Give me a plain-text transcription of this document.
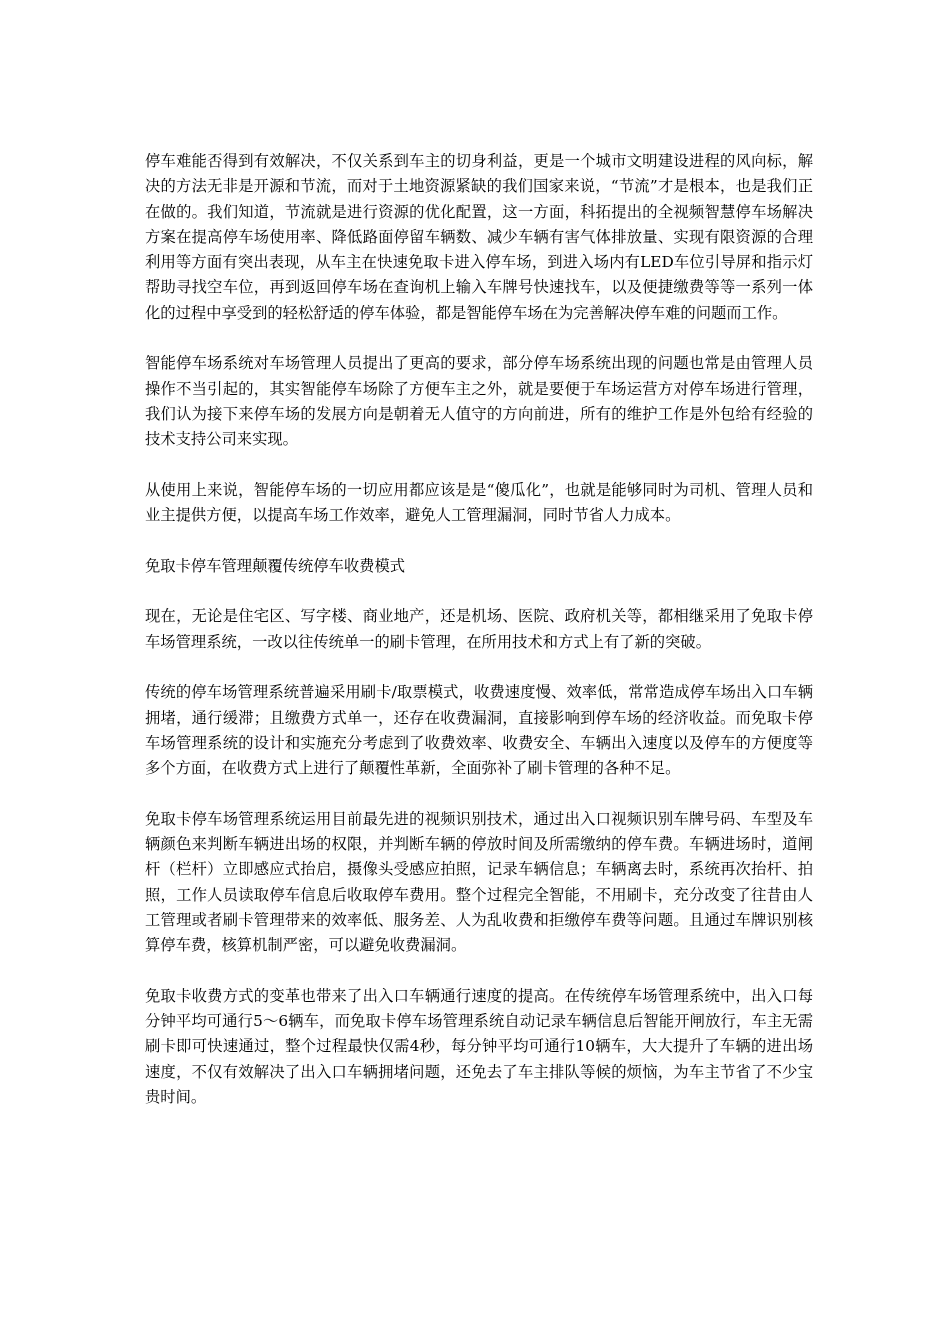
停车难能否得到有效解决，不仅关系到车主的切身利益，更是一个城市文明建设进程的风向标，解决的方法无非是开源和节流，而对于土地资源紧缺的我们国家来说，“节流”才是根本，也是我们正在做的。我们知道，节流就是进行资源的优化配置，这一方面，科拓提出的全视频智慧停车场解决方案在提高停车场使用率、降低路面停留车辆数、减少车辆有害气体排放量、实现有限资源的合理利用等方面有突出表现，从车主在快速免取卡进入停车场，到进入场内有LED车位引导屏和指示灯帮助寻找空车位，再到返回停车场在查询机上输入车牌号快速找车，以及便捷缴费等等一系列一体化的过程中享受到的轻松舒适的停车体验，都是智能停车场在为完善解决停车难的问题而工作。

智能停车场系统对车场管理人员提出了更高的要求，部分停车场系统出现的问题也常是由管理人员操作不当引起的，其实智能停车场除了方便车主之外，就是要便于车场运营方对停车场进行管理，我们认为接下来停车场的发展方向是朝着无人值守的方向前进，所有的维护工作是外包给有经验的技术支持公司来实现。

从使用上来说，智能停车场的一切应用都应该是是“傻瓜化”，也就是能够同时为司机、管理人员和业主提供方便，以提高车场工作效率，避免人工管理漏洞，同时节省人力成本。

免取卡停车管理颠覆传统停车收费模式

现在，无论是住宅区、写字楼、商业地产，还是机场、医院、政府机关等，都相继采用了免取卡停车场管理系统，一改以往传统单一的刷卡管理，在所用技术和方式上有了新的突破。

传统的停车场管理系统普遍采用刷卡/取票模式，收费速度慢、效率低，常常造成停车场出入口车辆拥堵，通行缓滞；且缴费方式单一，还存在收费漏洞，直接影响到停车场的经济收益。而免取卡停车场管理系统的设计和实施充分考虑到了收费效率、收费安全、车辆出入速度以及停车的方便度等多个方面，在收费方式上进行了颠覆性革新，全面弥补了刷卡管理的各种不足。

免取卡停车场管理系统运用目前最先进的视频识别技术，通过出入口视频识别车牌号码、车型及车辆颜色来判断车辆进出场的权限，并判断车辆的停放时间及所需缴纳的停车费。车辆进场时，道闸杆（栏杆）立即感应式抬启，摄像头受感应拍照，记录车辆信息；车辆离去时，系统再次抬杆、拍照，工作人员读取停车信息后收取停车费用。整个过程完全智能，不用刷卡，充分改变了往昔由人工管理或者刷卡管理带来的效率低、服务差、人为乱收费和拒缴停车费等问题。且通过车牌识别核算停车费，核算机制严密，可以避免收费漏洞。

免取卡收费方式的变革也带来了出入口车辆通行速度的提高。在传统停车场管理系统中，出入口每分钟平均可通行5～6辆车，而免取卡停车场管理系统自动记录车辆信息后智能开闸放行，车主无需刷卡即可快速通过，整个过程最快仅需4秒，每分钟平均可通行10辆车，大大提升了车辆的进出场速度，不仅有效解决了出入口车辆拥堵问题，还免去了车主排队等候的烦恼，为车主节省了不少宝贵时间。
